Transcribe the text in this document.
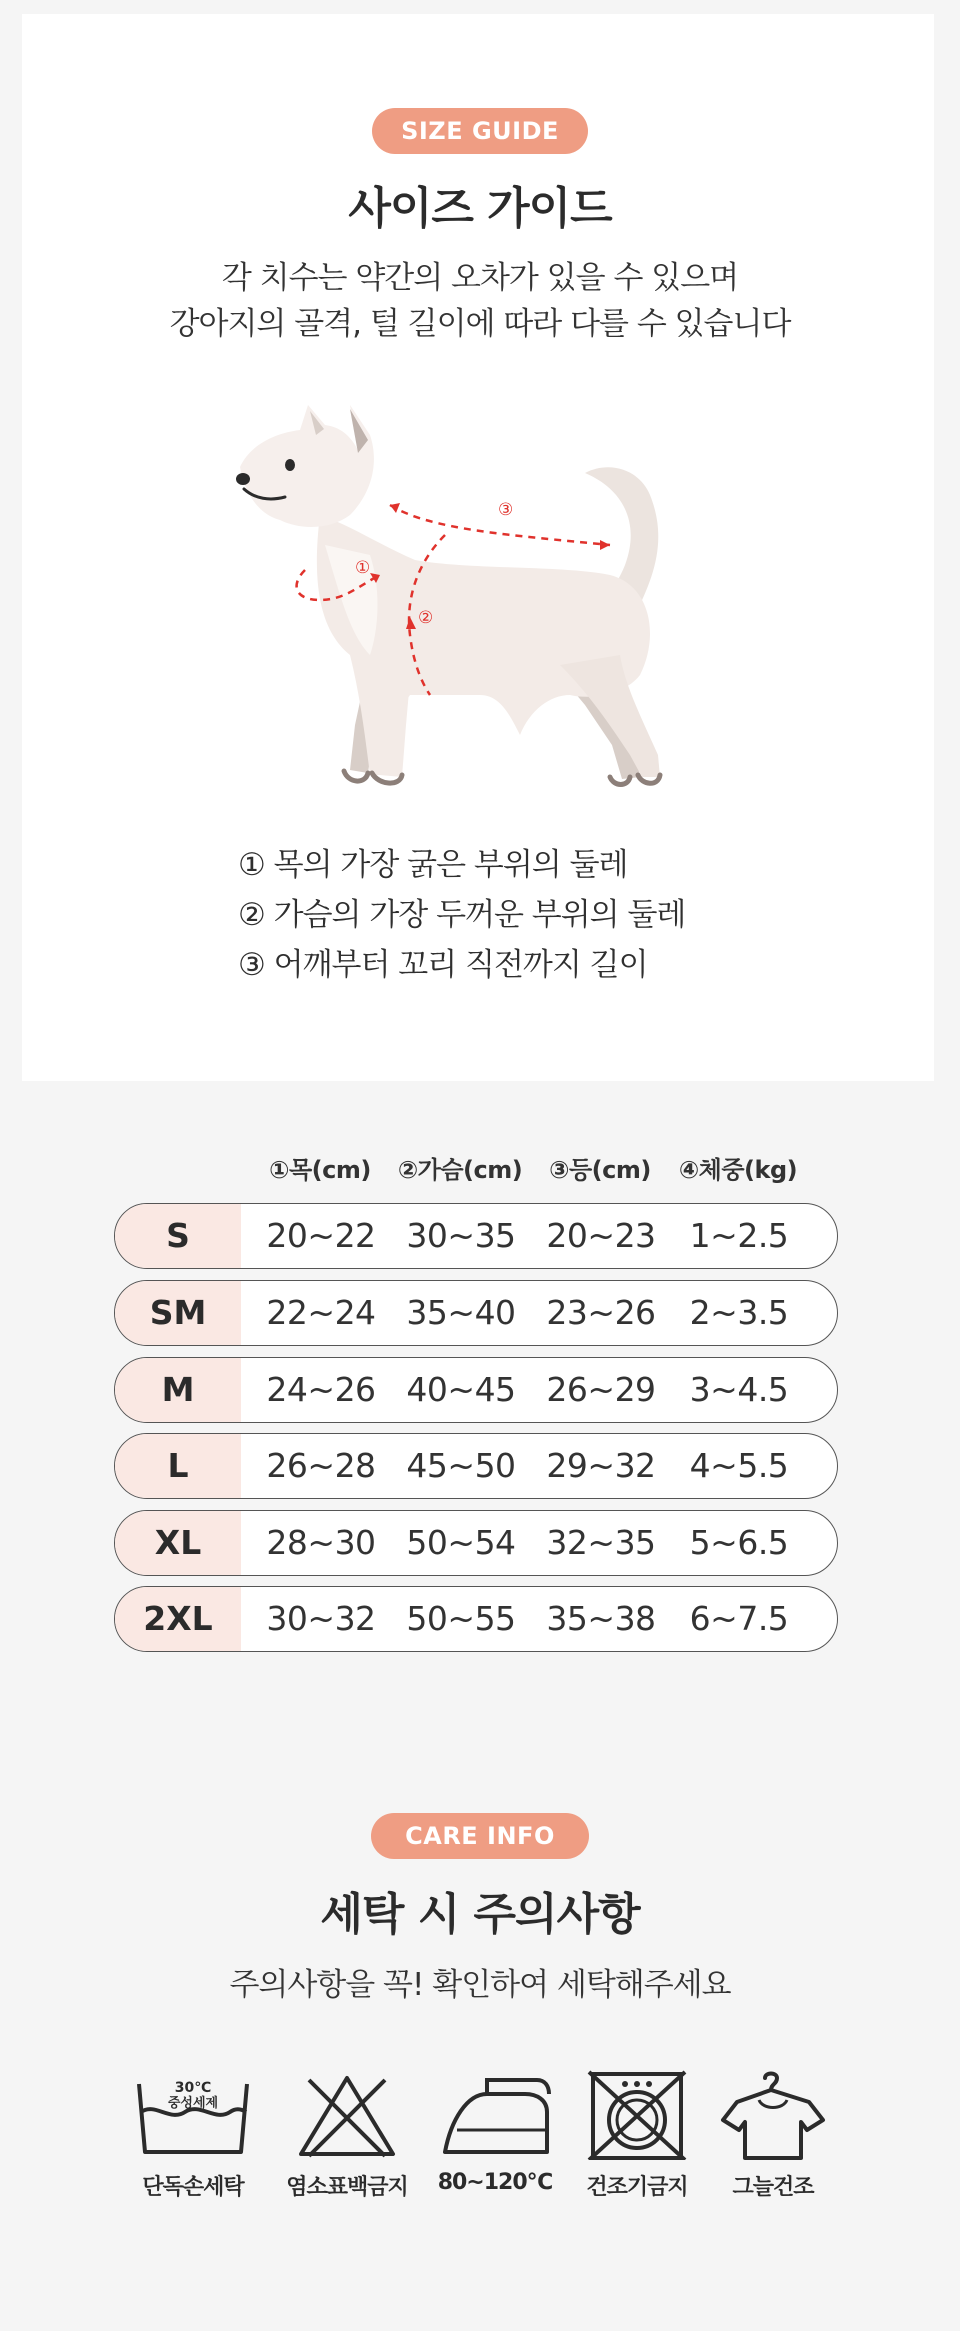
SIZE GUIDE
사이즈 가이드
각 치수는 약간의 오차가 있을 수 있으며
강아지의 골격, 털 길이에 따라 다를 수 있습니다
①
②
③
① 목의 가장 굵은 부위의 둘레
② 가슴의 가장 두꺼운 부위의 둘레
③ 어깨부터 꼬리 직전까지 길이
①목(cm)	②가슴(cm)	③등(cm)	④체중(kg)
S	20~22 30~35 20~23	1~2.5
SM	22~24 35~40 23~26	2~3.5
M	24~26 40~45 26~29	3~4.5
L	26~28 45~50 29~32	4~5.5
XL	28~30 50~54 32~35	5~6.5
2XL	30~32 50~55 35~38	6~7.5
CARE INFO
세탁 시 주의사항
주의사항을 꼭! 확인하여 세탁해주세요
30℃
중성세제
단독손세탁	염소표백금지	80~120℃	건조기금지	그늘건조
